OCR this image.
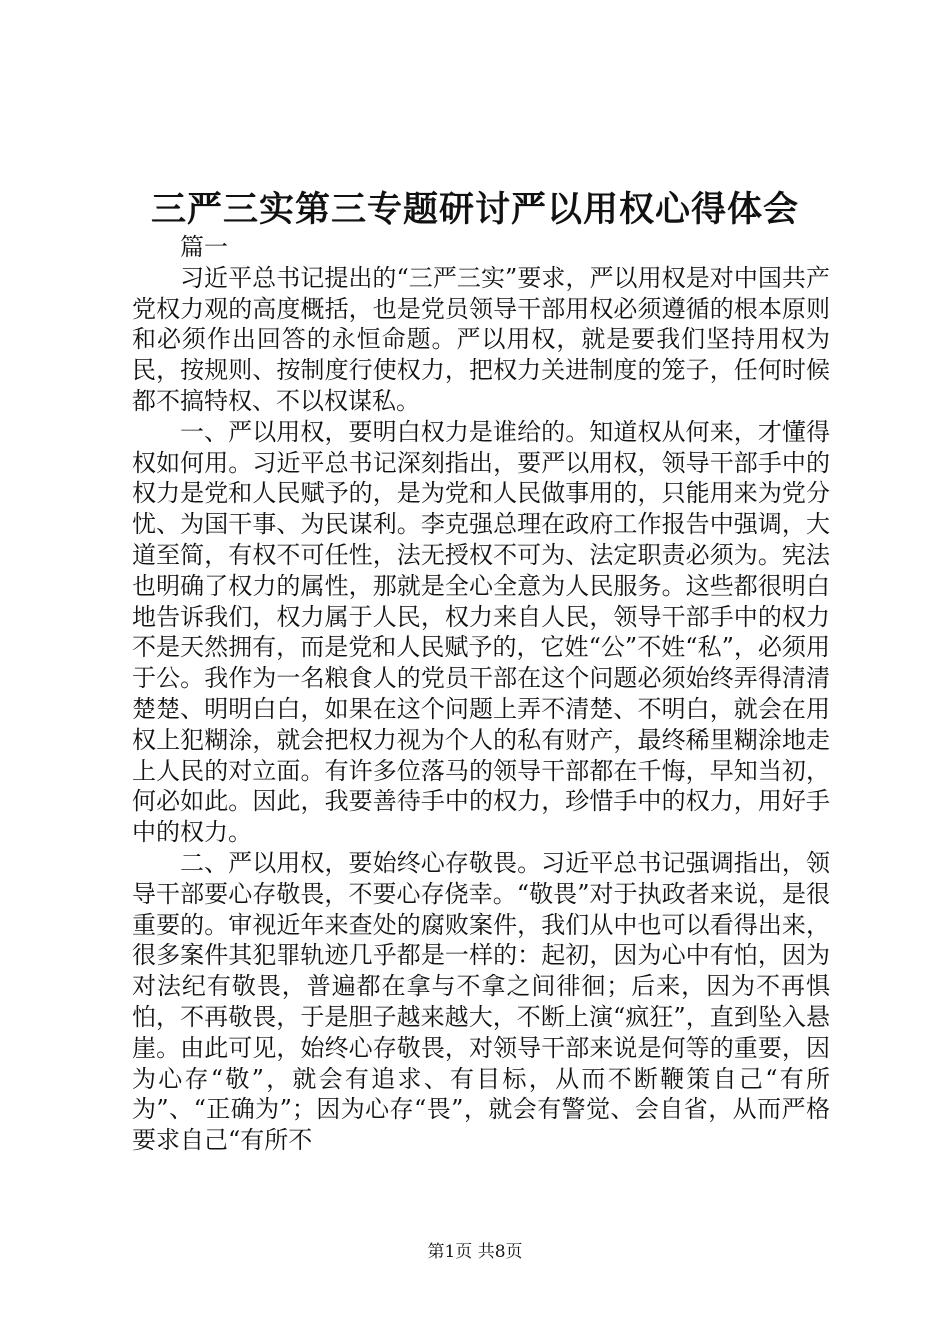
三严三实第三专题研讨严以用权心得体会

篇一

习近平总书记提出的“三严三实”要求，严以用权是对中国共产党权力观的高度概括，也是党员领导干部用权必须遵循的根本原则和必须作出回答的永恒命题。严以用权，就是要我们坚持用权为民，按规则、按制度行使权力，把权力关进制度的笼子，任何时候都不搞特权、不以权谋私。

一、严以用权，要明白权力是谁给的。知道权从何来，才懂得权如何用。习近平总书记深刻指出，要严以用权，领导干部手中的权力是党和人民赋予的，是为党和人民做事用的，只能用来为党分忧、为国干事、为民谋利。李克强总理在政府工作报告中强调，大道至简，有权不可任性，法无授权不可为、法定职责必须为。宪法也明确了权力的属性，那就是全心全意为人民服务。这些都很明白地告诉我们，权力属于人民，权力来自人民，领导干部手中的权力不是天然拥有，而是党和人民赋予的，它姓“公”不姓“私”，必须用于公。我作为一名粮食人的党员干部在这个问题必须始终弄得清清楚楚、明明白白，如果在这个问题上弄不清楚、不明白，就会在用权上犯糊涂，就会把权力视为个人的私有财产，最终稀里糊涂地走上人民的对立面。有许多位落马的领导干部都在千悔，早知当初，何必如此。因此，我要善待手中的权力，珍惜手中的权力，用好手中的权力。

二、严以用权，要始终心存敬畏。习近平总书记强调指出，领导干部要心存敬畏，不要心存侥幸。“敬畏”对于执政者来说，是很重要的。审视近年来查处的腐败案件，我们从中也可以看得出来，很多案件其犯罪轨迹几乎都是一样的：起初，因为心中有怕，因为对法纪有敬畏，普遍都在拿与不拿之间徘徊；后来，因为不再惧怕，不再敬畏，于是胆子越来越大，不断上演“疯狂”，直到坠入悬崖。由此可见，始终心存敬畏，对领导干部来说是何等的重要，因为心存“敬”，就会有追求、有目标，从而不断鞭策自己“有所为”、“正确为”；因为心存“畏”，就会有警觉、会自省，从而严格要求自己“有所不

第1页 共8页
